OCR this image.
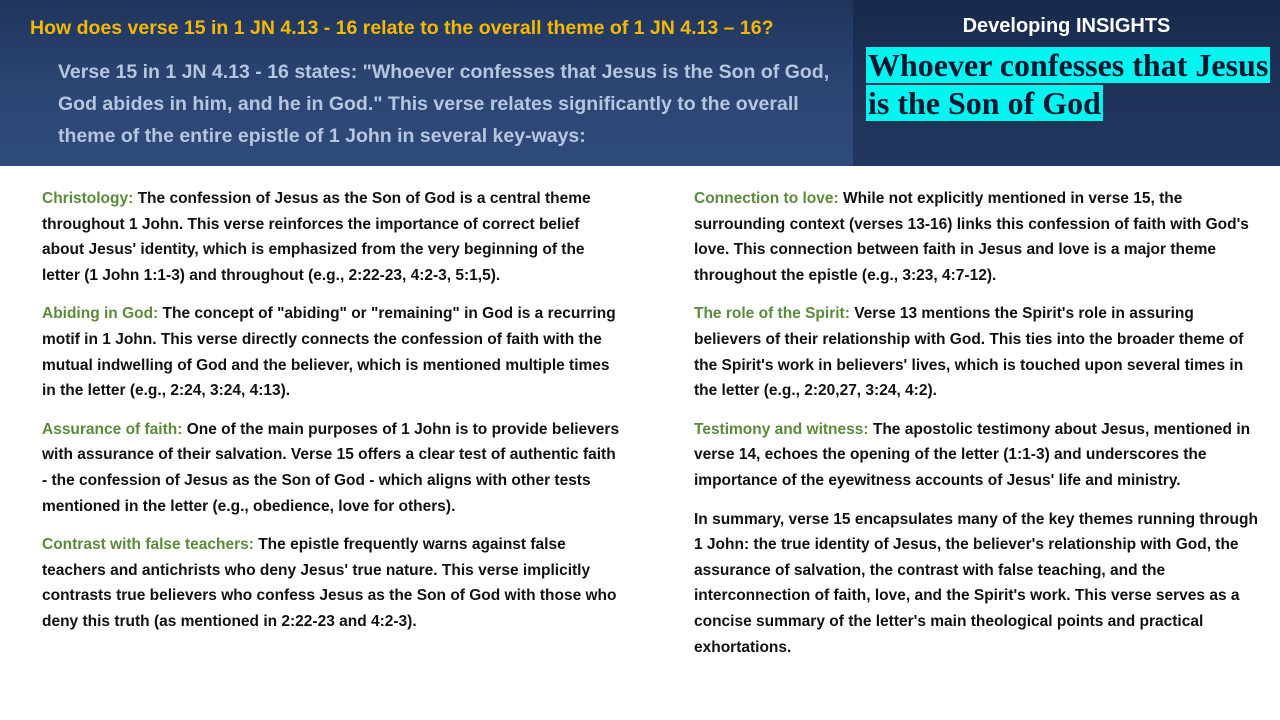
How does verse 15 in 1 JN 4.13 - 16 relate to the overall theme of 1 JN 4.13 – 16?
Verse 15 in 1 JN 4.13 - 16 states: "Whoever confesses that Jesus is the Son of God, God abides in him, and he in God." This verse relates significantly to the overall theme of the entire epistle of 1 John in several key-ways:
Developing INSIGHTS
Whoever confesses that Jesus
is the Son of God

Christology: The confession of Jesus as the Son of God is a central theme throughout 1 John. This verse reinforces the importance of correct belief about Jesus' identity, which is emphasized from the very beginning of the letter (1 John 1:1-3) and throughout (e.g., 2:22-23, 4:2-3, 5:1,5).

Abiding in God: The concept of "abiding" or "remaining" in God is a recurring motif in 1 John. This verse directly connects the confession of faith with the mutual indwelling of God and the believer, which is mentioned multiple times in the letter (e.g., 2:24, 3:24, 4:13).

Assurance of faith: One of the main purposes of 1 John is to provide believers with assurance of their salvation. Verse 15 offers a clear test of authentic faith - the confession of Jesus as the Son of God - which aligns with other tests mentioned in the letter (e.g., obedience, love for others).

Contrast with false teachers: The epistle frequently warns against false teachers and antichrists who deny Jesus' true nature. This verse implicitly contrasts true believers who confess Jesus as the Son of God with those who deny this truth (as mentioned in 2:22-23 and 4:2-3).

Connection to love: While not explicitly mentioned in verse 15, the surrounding context (verses 13-16) links this confession of faith with God's love. This connection between faith in Jesus and love is a major theme throughout the epistle (e.g., 3:23, 4:7-12).

The role of the Spirit: Verse 13 mentions the Spirit's role in assuring believers of their relationship with God. This ties into the broader theme of the Spirit's work in believers' lives, which is touched upon several times in the letter (e.g., 2:20,27, 3:24, 4:2).

Testimony and witness: The apostolic testimony about Jesus, mentioned in verse 14, echoes the opening of the letter (1:1-3) and underscores the importance of the eyewitness accounts of Jesus' life and ministry.

In summary, verse 15 encapsulates many of the key themes running through 1 John: the true identity of Jesus, the believer's relationship with God, the assurance of salvation, the contrast with false teaching, and the interconnection of faith, love, and the Spirit's work. This verse serves as a concise summary of the letter's main theological points and practical exhortations.
